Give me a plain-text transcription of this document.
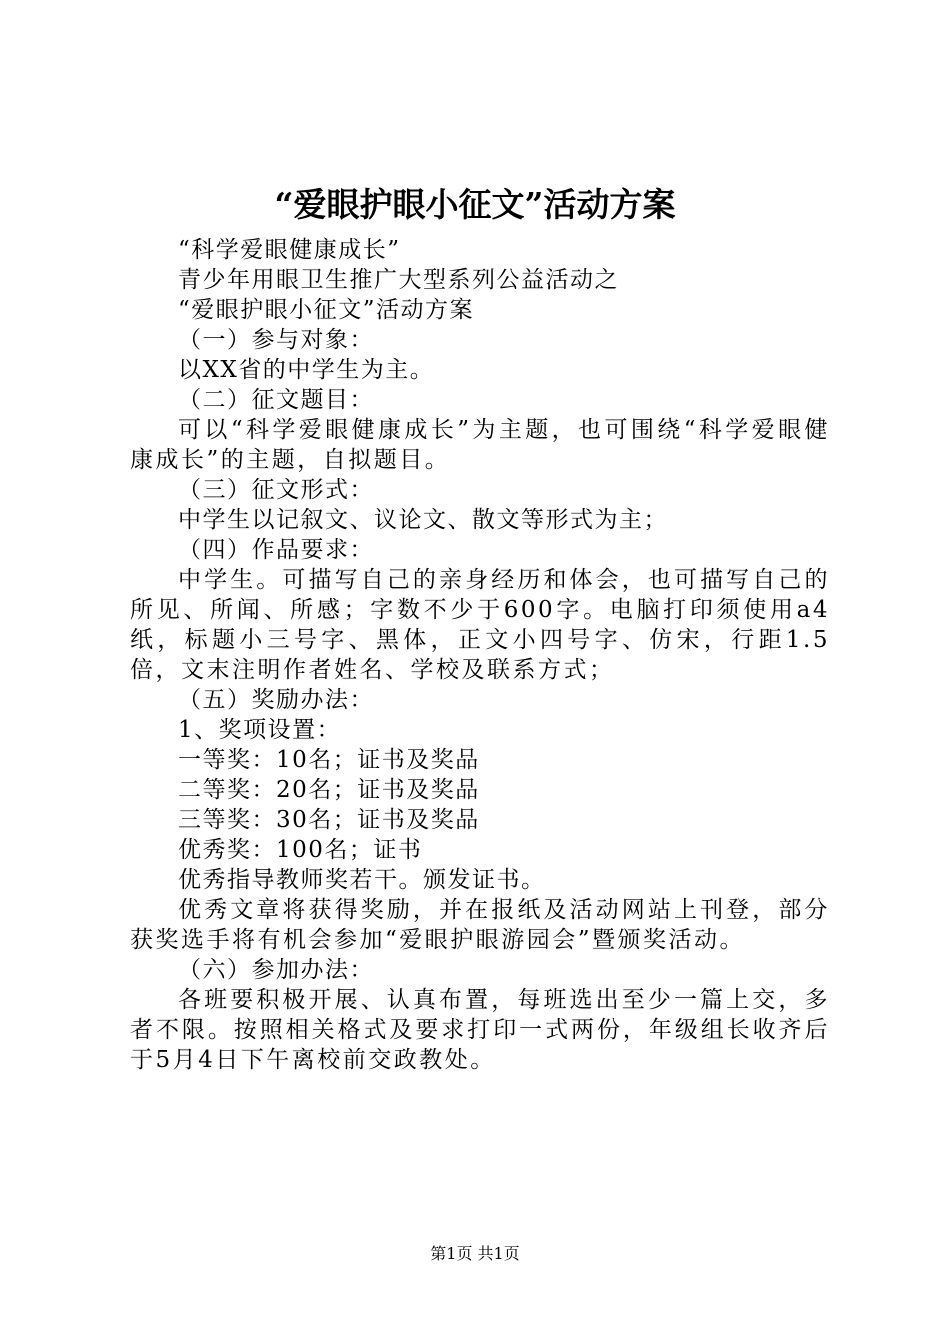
“爱眼护眼小征文”活动方案
“科学爱眼健康成长”
青少年用眼卫生推广大型系列公益活动之
“爱眼护眼小征文”活动方案
（一）参与对象：
以XX省的中学生为主。
（二）征文题目：
可以“科学爱眼健康成长”为主题，也可围绕“科学爱眼健康成长”的主题，自拟题目。
（三）征文形式：
中学生以记叙文、议论文、散文等形式为主；
（四）作品要求：
中学生。可描写自己的亲身经历和体会，也可描写自己的所见、所闻、所感；字数不少于600字。电脑打印须使用a4纸，标题小三号字、黑体，正文小四号字、仿宋，行距1.5倍，文末注明作者姓名、学校及联系方式；
（五）奖励办法：
1、奖项设置：
一等奖：10名；证书及奖品
二等奖：20名；证书及奖品
三等奖：30名；证书及奖品
优秀奖：100名；证书
优秀指导教师奖若干。颁发证书。
优秀文章将获得奖励，并在报纸及活动网站上刊登，部分获奖选手将有机会参加“爱眼护眼游园会”暨颁奖活动。
（六）参加办法：
各班要积极开展、认真布置，每班选出至少一篇上交，多者不限。按照相关格式及要求打印一式两份，年级组长收齐后于5月4日下午离校前交政教处。
第1页 共1页
